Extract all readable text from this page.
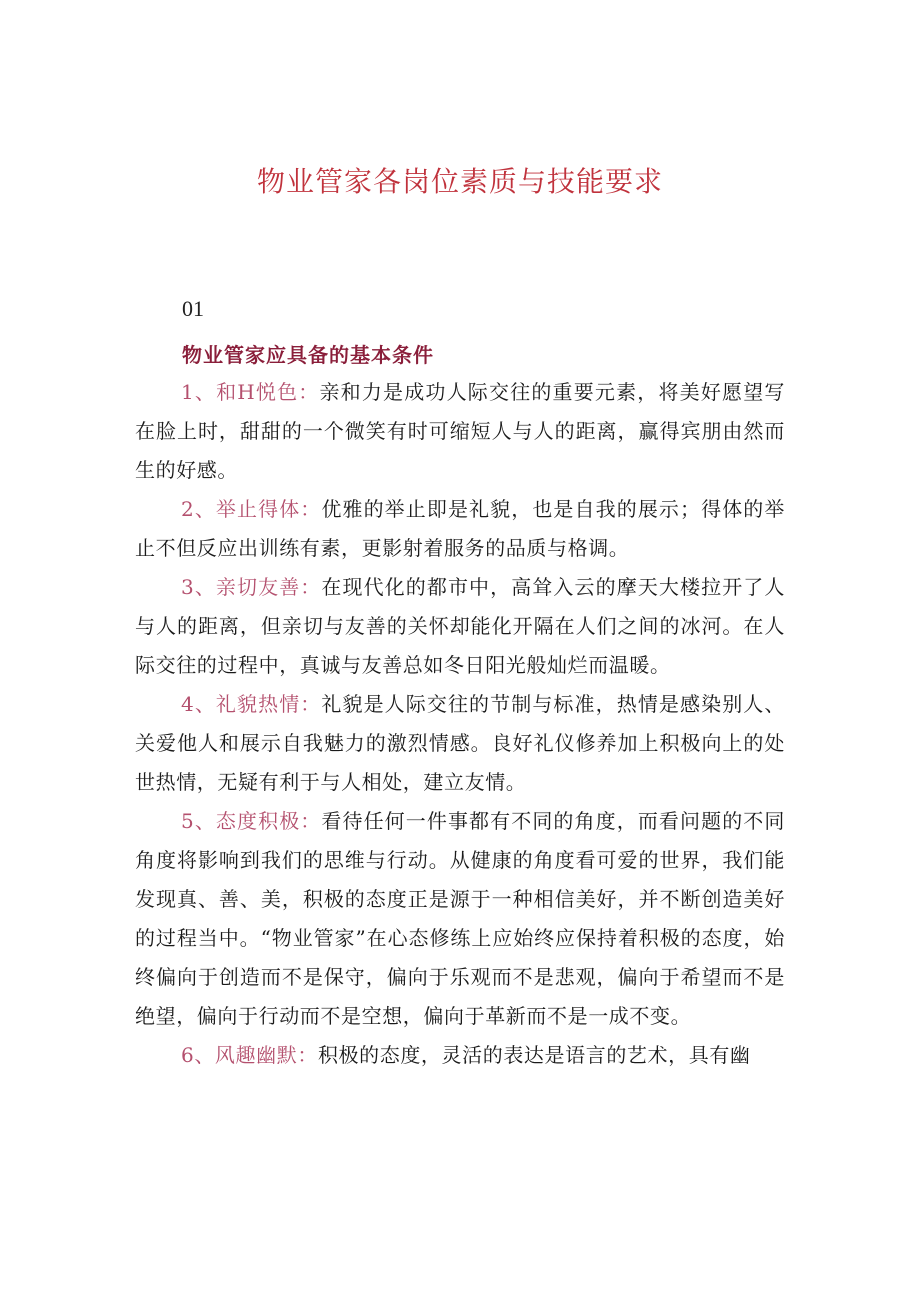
物业管家各岗位素质与技能要求
01
物业管家应具备的基本条件

1、和H悦色：亲和力是成功人际交往的重要元素，将美好愿望写在脸上时，甜甜的一个微笑有时可缩短人与人的距离，赢得宾朋由然而生的好感。

2、举止得体：优雅的举止即是礼貌，也是自我的展示；得体的举止不但反应出训练有素，更影射着服务的品质与格调。

3、亲切友善：在现代化的都市中，高耸入云的摩天大楼拉开了人与人的距离，但亲切与友善的关怀却能化开隔在人们之间的冰河。在人际交往的过程中，真诚与友善总如冬日阳光般灿烂而温暖。

4、礼貌热情：礼貌是人际交往的节制与标准，热情是感染别人、关爱他人和展示自我魅力的激烈情感。良好礼仪修养加上积极向上的处世热情，无疑有利于与人相处，建立友情。

5、态度积极：看待任何一件事都有不同的角度，而看问题的不同角度将影响到我们的思维与行动。从健康的角度看可爱的世界，我们能发现真、善、美，积极的态度正是源于一种相信美好，并不断创造美好的过程当中。“物业管家”在心态修练上应始终应保持着积极的态度，始终偏向于创造而不是保守，偏向于乐观而不是悲观，偏向于希望而不是绝望，偏向于行动而不是空想，偏向于革新而不是一成不变。

6、风趣幽默：积极的态度，灵活的表达是语言的艺术，具有幽
